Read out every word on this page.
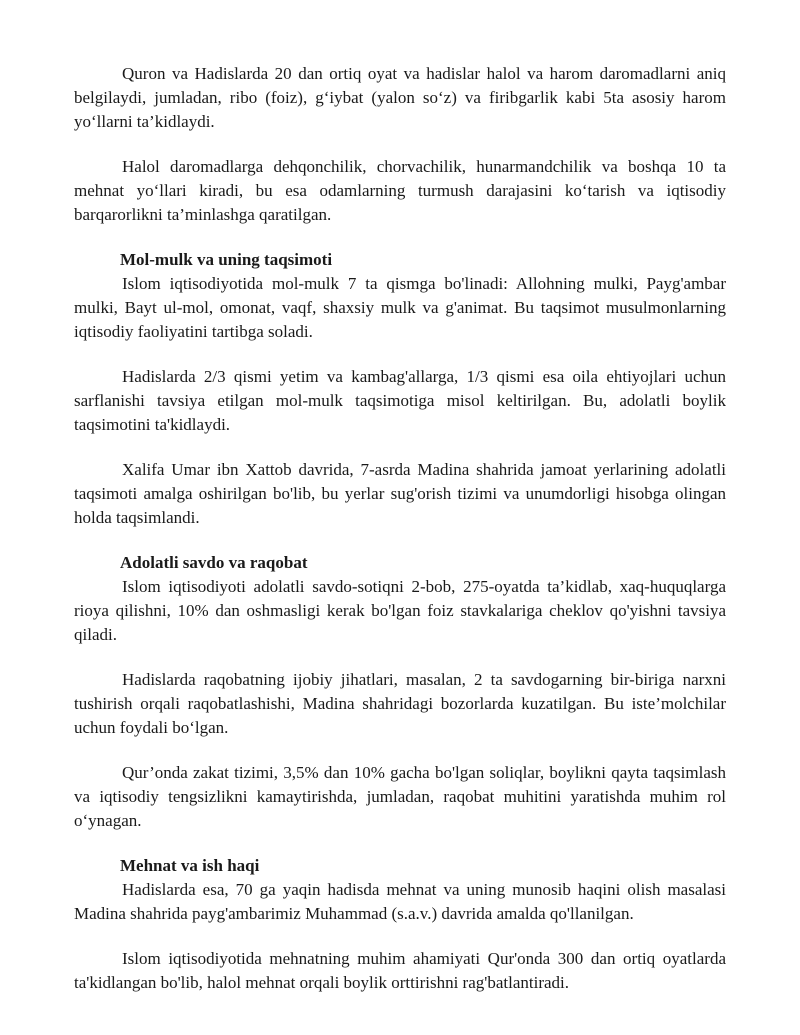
Quron va Hadislarda 20 dan ortiq oyat va hadislar halol va harom daromadlarni aniq belgilaydi, jumladan, ribo (foiz), g‘iybat (yalon so‘z) va firibgarlik kabi 5ta asosiy harom yo‘llarni ta’kidlaydi.

Halol daromadlarga dehqonchilik, chorvachilik, hunarmandchilik va boshqa 10 ta mehnat yo‘llari kiradi, bu esa odamlarning turmush darajasini ko‘tarish va iqtisodiy barqarorlikni ta’minlashga qaratilgan.

Mol-mulk va uning taqsimoti

Islom iqtisodiyotida mol-mulk 7 ta qismga bo'linadi: Allohning mulki, Payg'ambar mulki, Bayt ul-mol, omonat, vaqf, shaxsiy mulk va g'animat. Bu taqsimot musulmonlarning iqtisodiy faoliyatini tartibga soladi.

Hadislarda 2/3 qismi yetim va kambag'allarga, 1/3 qismi esa oila ehtiyojlari uchun sarflanishi tavsiya etilgan mol-mulk taqsimotiga misol keltirilgan. Bu, adolatli boylik taqsimotini ta'kidlaydi.

Xalifa Umar ibn Xattob davrida, 7-asrda Madina shahrida jamoat yerlarining adolatli taqsimoti amalga oshirilgan bo'lib, bu yerlar sug'orish tizimi va unumdorligi hisobga olingan holda taqsimlandi.

Adolatli savdo va raqobat

Islom iqtisodiyoti adolatli savdo-sotiqni 2-bob, 275-oyatda ta’kidlab, xaq-huquqlarga rioya qilishni, 10% dan oshmasligi kerak bo'lgan foiz stavkalariga cheklov qo'yishni tavsiya qiladi.

Hadislarda raqobatning ijobiy jihatlari, masalan, 2 ta savdogarning bir-biriga narxni tushirish orqali raqobatlashishi, Madina shahridagi bozorlarda kuzatilgan. Bu iste’molchilar uchun foydali bo‘lgan.

Qur’onda zakat tizimi, 3,5% dan 10% gacha bo'lgan soliqlar, boylikni qayta taqsimlash va iqtisodiy tengsizlikni kamaytirishda, jumladan, raqobat muhitini yaratishda muhim rol o‘ynagan.

Mehnat va ish haqi

Hadislarda esa, 70 ga yaqin hadisda mehnat va uning munosib haqini olish masalasi Madina shahrida payg'ambarimiz Muhammad (s.a.v.) davrida amalda qo'llanilgan.

Islom iqtisodiyotida mehnatning muhim ahamiyati Qur'onda 300 dan ortiq oyatlarda ta'kidlangan bo'lib, halol mehnat orqali boylik orttirishni rag'batlantiradi.
